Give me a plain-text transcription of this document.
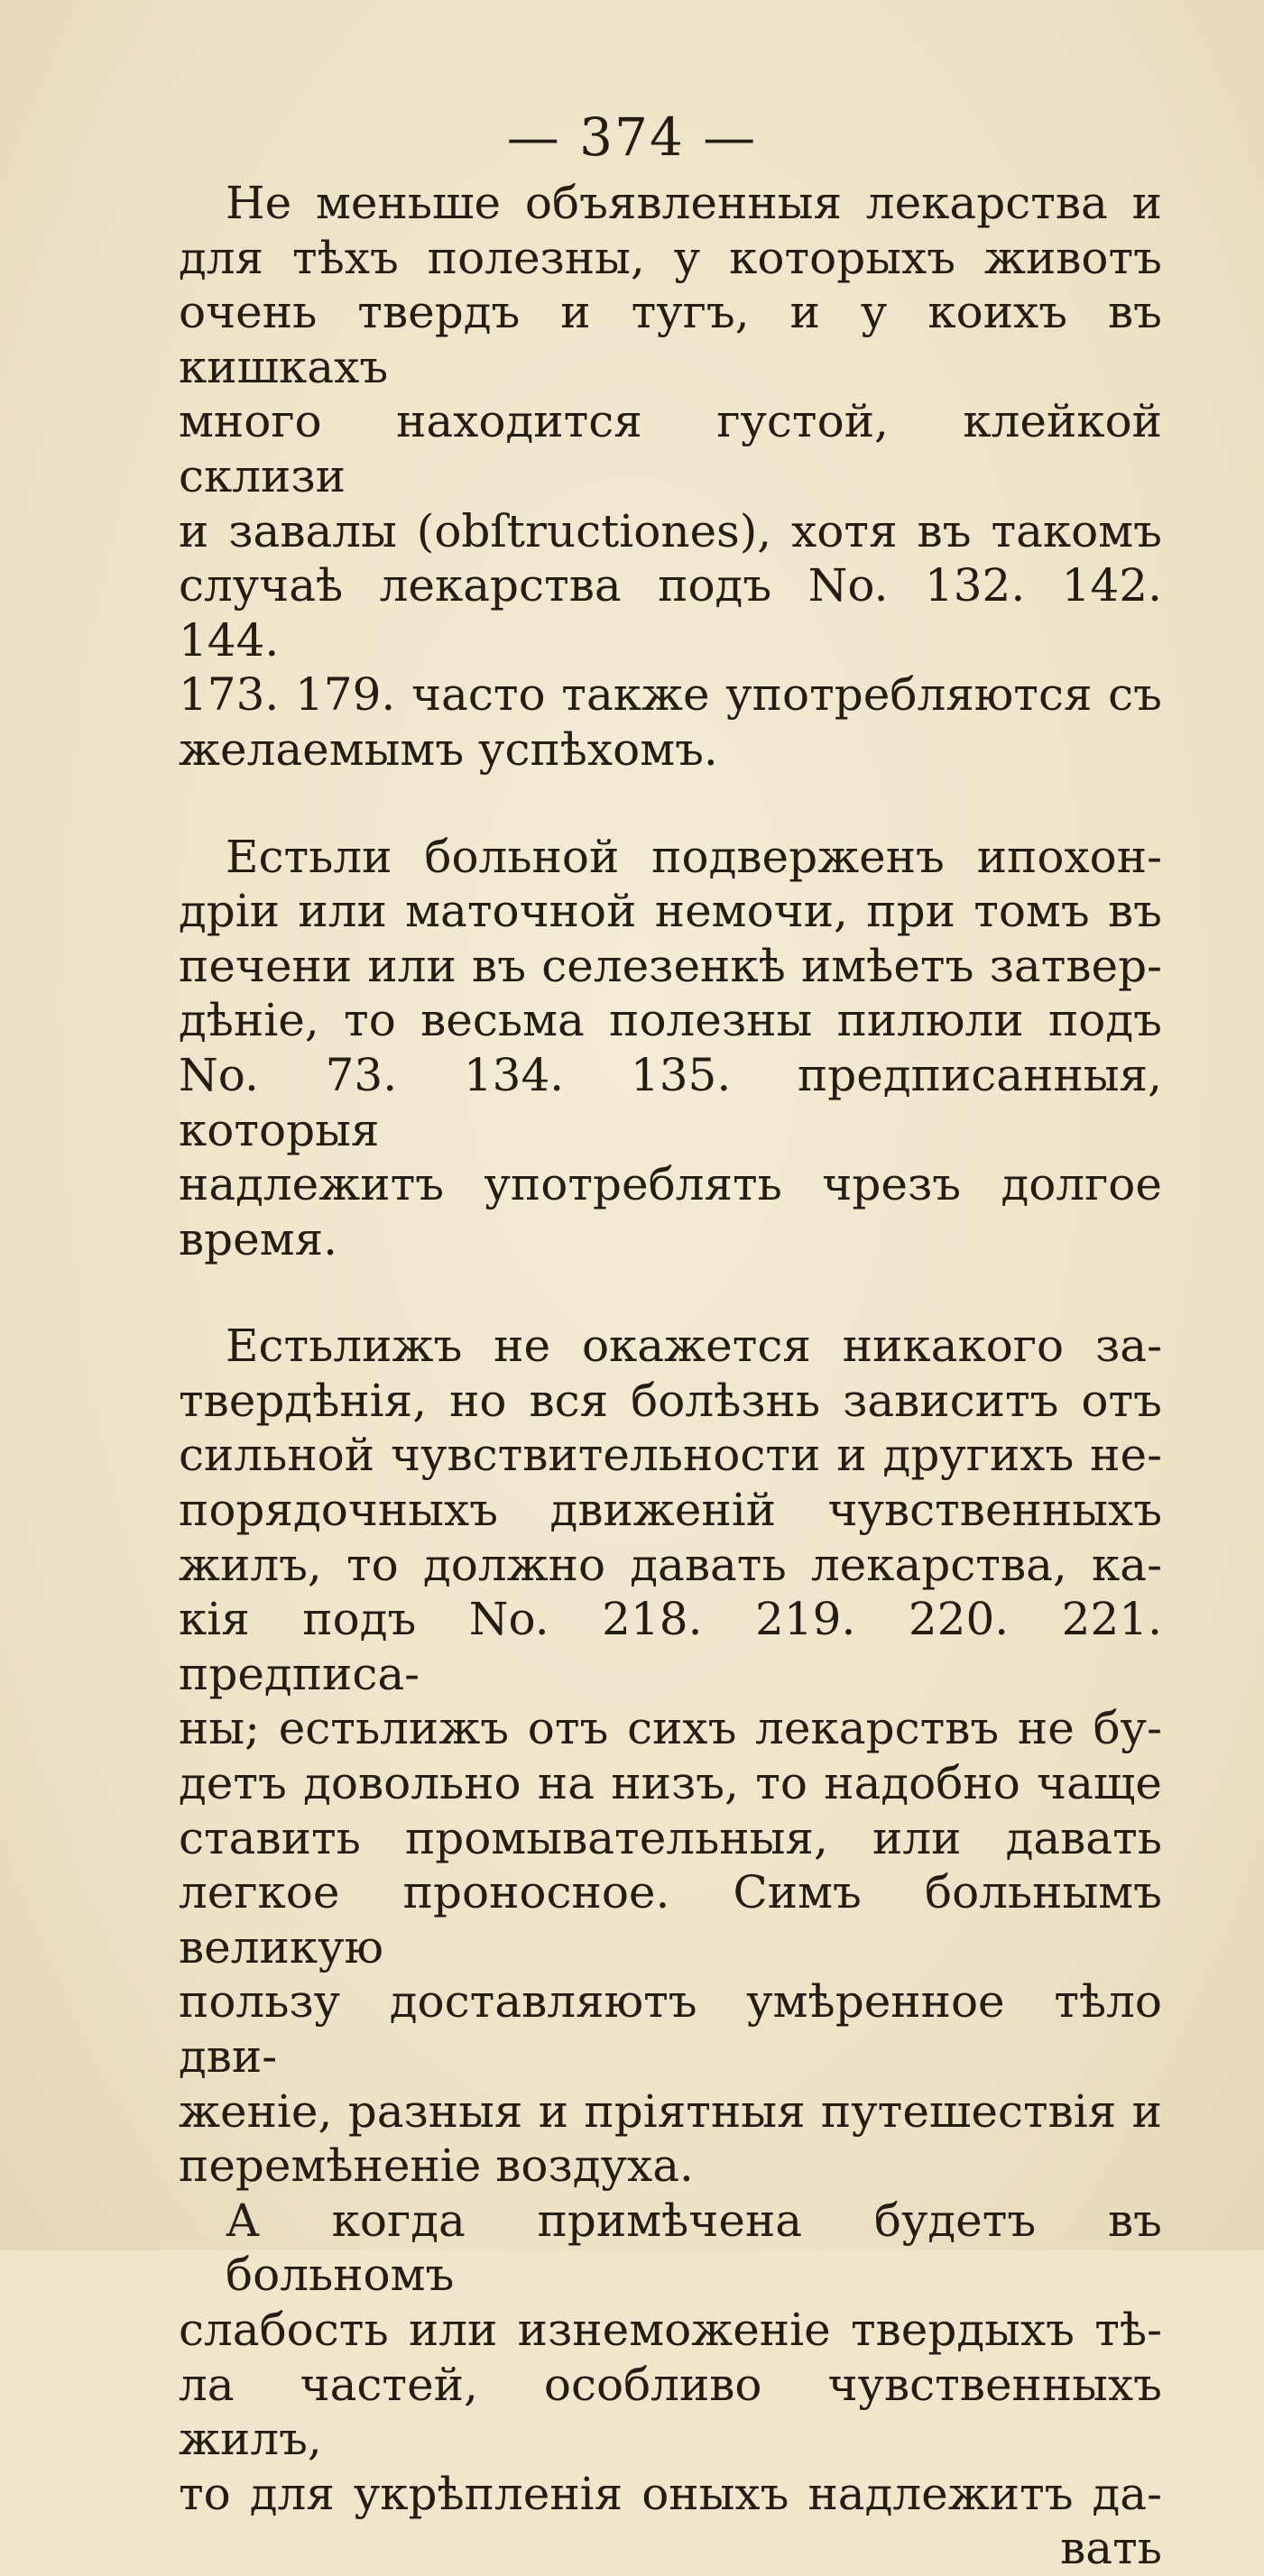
— 374 —
Не меньше объявленныя лекарства и
для тѣхъ полезны, у которыхъ животъ
очень твердъ и тугъ, и у коихъ въ кишкахъ
много находится густой, клейкой склизи
и завалы (obſtructiones), хотя въ такомъ
случаѣ лекарства подъ No. 132. 142. 144.
173. 179. часто также употребляются съ
желаемымъ успѣхомъ.
Естьли больной подверженъ ипохон-
дріи или маточной немочи, при томъ въ
печени или въ селезенкѣ имѣетъ затвер-
дѣніе, то весьма полезны пилюли подъ
No. 73. 134. 135. предписанныя, которыя
надлежитъ употреблять чрезъ долгое
время.
Естьлижъ не окажется никакого за-
твердѣнія, но вся болѣзнь зависитъ отъ
сильной чувствительности и другихъ не-
порядочныхъ движеній чувственныхъ
жилъ, то должно давать лекарства, ка-
кія подъ No. 218. 219. 220. 221. предписа-
ны; естьлижъ отъ сихъ лекарствъ не бу-
детъ довольно на низъ, то надобно чаще
ставить промывательныя, или давать
легкое проносное. Симъ больнымъ великую
пользу доставляютъ умѣренное тѣло дви-
женіе, разныя и пріятныя путешествія и
перемѣненіе воздуха.
А когда примѣчена будетъ въ больномъ
слабость или изнеможеніе твердыхъ тѣ-
ла частей, особливо чувственныхъ жилъ,
то для укрѣпленія оныхъ надлежитъ да-
вать
